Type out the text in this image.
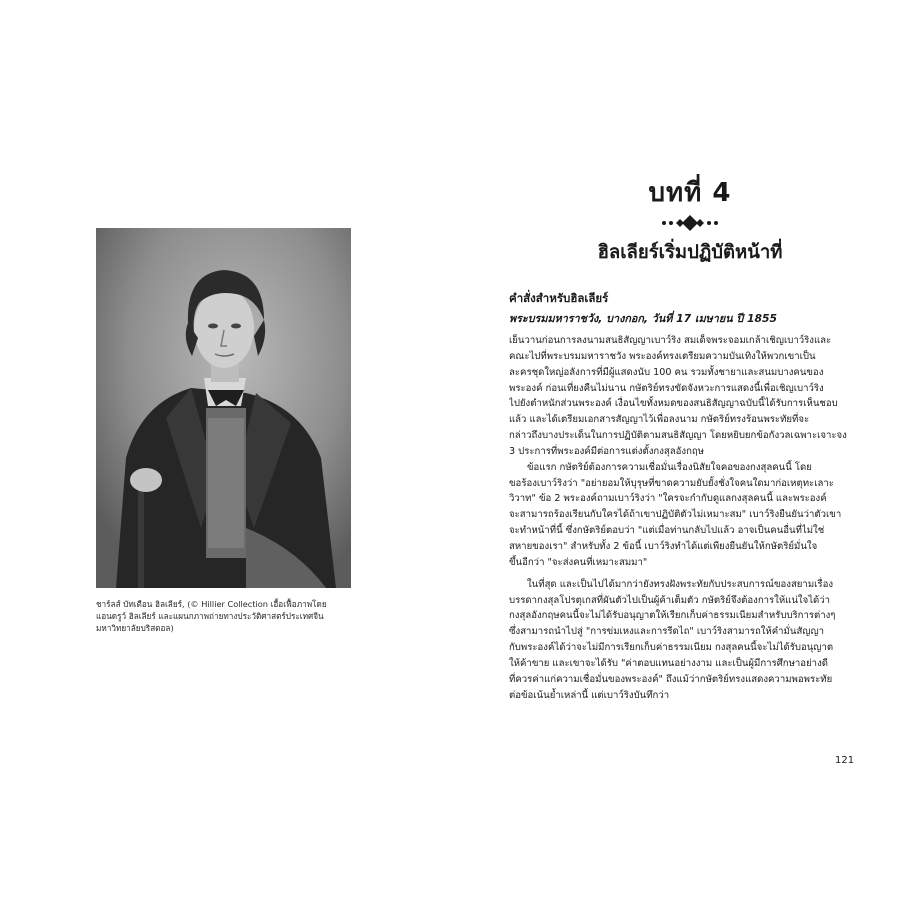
ชาร์ลส์ บัทเตือน ฮิลเลียร์, (© Hillier Collection เอื้อเฟื้อภาพโดย
แอนดรูว์ ฮิลเลียร์ และแผนกภาพถ่ายทางประวัติศาสตร์ประเทศจีน
มหาวิทยาลัยบริสตอล)
บทที่ 4
ฮิลเลียร์เริ่มปฏิบัติหน้าที่
คำสั่งสำหรับฮิลเลียร์
พระบรมมหาราชวัง, บางกอก, วันที่ 17 เมษายน ปี 1855
เย็นวานก่อนการลงนามสนธิสัญญาเบาว์ริง สมเด็จพระจอมเกล้าเชิญเบาว์ริงและ
คณะไปที่พระบรมมหาราชวัง พระองค์ทรงเตรียมความบันเทิงให้พวกเขาเป็น
ละครชุดใหญ่อลังการที่มีผู้แสดงนับ 100 คน รวมทั้งชายาและสนมบางคนของ
พระองค์ ก่อนเที่ยงคืนไม่นาน กษัตริย์ทรงขัดจังหวะการแสดงนี้เพื่อเชิญเบาว์ริง
ไปยังตำหนักส่วนพระองค์ เงื่อนไขทั้งหมดของสนธิสัญญาฉบับนี้ได้รับการเห็นชอบ
แล้ว และได้เตรียมเอกสารสัญญาไว้เพื่อลงนาม กษัตริย์ทรงร้อนพระทัยที่จะ
กล่าวถึงบางประเด็นในการปฏิบัติตามสนธิสัญญา โดยหยิบยกข้อกังวลเฉพาะเจาะจง
3 ประการที่พระองค์มีต่อการแต่งตั้งกงสุลอังกฤษ
ข้อแรก กษัตริย์ต้องการความเชื่อมั่นเรื่องนิสัยใจคอของกงสุลคนนี้ โดย
ขอร้องเบาว์ริงว่า "อย่ายอมให้บุรุษที่ขาดความยับยั้งชั่งใจคนใดมาก่อเหตุทะเลาะ
วิวาท" ข้อ 2 พระองค์ถามเบาว์ริงว่า "ใครจะกำกับดูแลกงสุลคนนี้ และพระองค์
จะสามารถร้องเรียนกับใครได้ถ้าเขาปฏิบัติตัวไม่เหมาะสม" เบาว์ริงยืนยันว่าตัวเขา
จะทำหน้าที่นี้ ซึ่งกษัตริย์ตอบว่า "แต่เมื่อท่านกลับไปแล้ว อาจเป็นคนอื่นที่ไม่ใช่
สหายของเรา" สำหรับทั้ง 2 ข้อนี้ เบาว์ริงทำได้แต่เพียงยืนยันให้กษัตริย์มั่นใจ
ขึ้นอีกว่า "จะส่งคนที่เหมาะสมมา"
ในที่สุด และเป็นไปได้มากว่ายังทรงฝังพระทัยกับประสบการณ์ของสยามเรื่อง
บรรดากงสุลโปรตุเกสที่ผันตัวไปเป็นผู้ค้าเต็มตัว กษัตริย์จึงต้องการให้แน่ใจได้ว่า
กงสุลอังกฤษคนนี้จะไม่ได้รับอนุญาตให้เรียกเก็บค่าธรรมเนียมสำหรับบริการต่างๆ
ซึ่งสามารถนำไปสู่ "การข่มเหงและการรีดไถ" เบาว์ริงสามารถให้คำมั่นสัญญา
กับพระองค์ได้ว่าจะไม่มีการเรียกเก็บค่าธรรมเนียม กงสุลคนนี้จะไม่ได้รับอนุญาต
ให้ค้าขาย และเขาจะได้รับ "ค่าตอบแทนอย่างงาม และเป็นผู้มีการศึกษาอย่างดี
ที่ควรค่าแก่ความเชื่อมั่นของพระองค์" ถึงแม้ว่ากษัตริย์ทรงแสดงความพอพระทัย
ต่อข้อเน้นย้ำเหล่านี้ แต่เบาว์ริงบันทึกว่า
121
